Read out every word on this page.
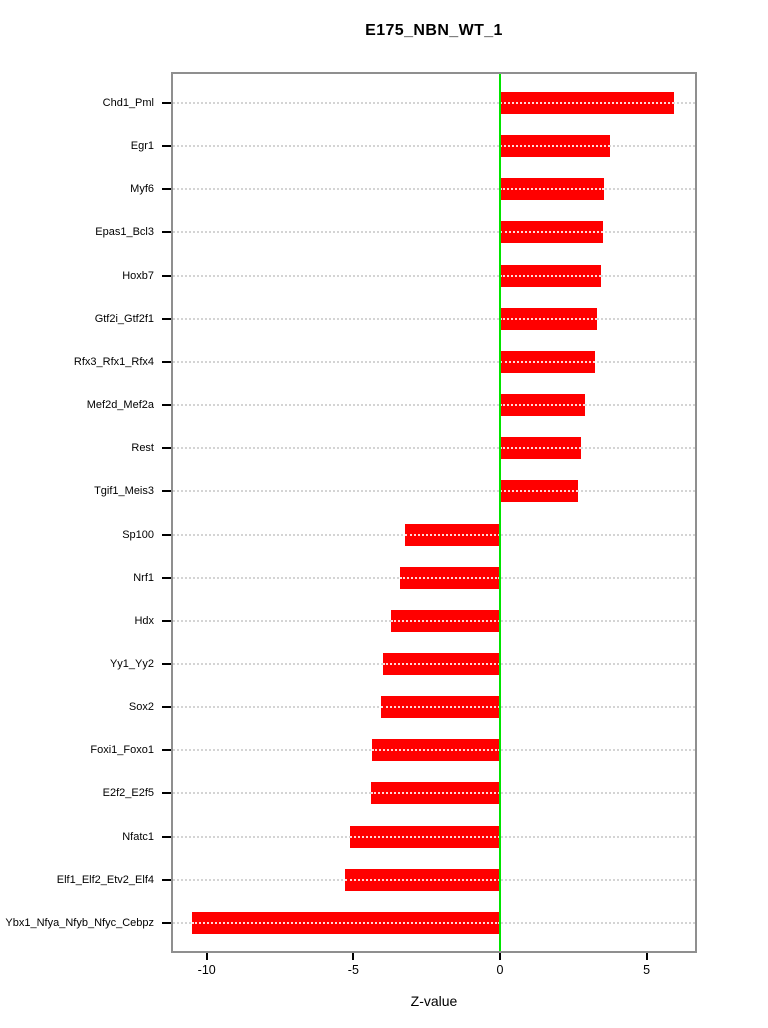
E175_NBN_WT_1
Chd1_Pml
Egr1
Myf6
Epas1_Bcl3
Hoxb7
Gtf2i_Gtf2f1
Rfx3_Rfx1_Rfx4
Mef2d_Mef2a
Rest
Tgif1_Meis3
Sp100
Nrf1
Hdx
Yy1_Yy2
Sox2
Foxi1_Foxo1
E2f2_E2f5
Nfatc1
Elf1_Elf2_Etv2_Elf4
Ybx1_Nfya_Nfyb_Nfyc_Cebpz
-10	-5	0	5
Z-value
